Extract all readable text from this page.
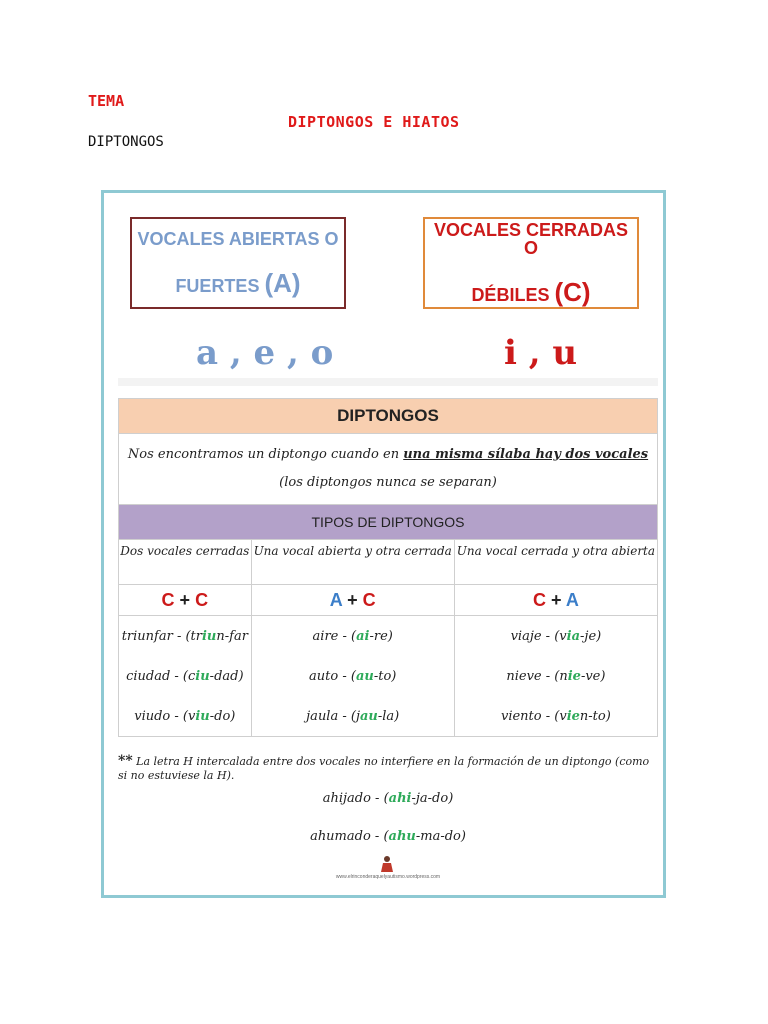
TEMA
DIPTONGOS E HIATOS
DIPTONGOS
VOCALES ABIERTAS O
FUERTES (A)
VOCALES CERRADAS O
DÉBILES (C)
a , e , o	i , u
DIPTONGOS		
Nos encontramos un diptongo cuando en una misma sílaba hay dos vocales
(los diptongos nunca se separan)		
TIPOS DE DIPTONGOS		
Dos vocales cerradas	Una vocal abierta y otra cerrada	Una vocal cerrada y otra abierta
C + C	A + C	C + A
triunfar - (triun-far	aire - (ai-re)	viaje - (via-je)
ciudad - (ciu-dad)	auto - (au-to)	nieve - (nie-ve)
viudo - (viu-do)	jaula - (jau-la)	viento - (vien-to)
** La letra H intercalada entre dos vocales no interfiere en la formación de un diptongo (como si no estuviese la H).
ahijado - (ahi-ja-do)
ahumado - (ahu-ma-do)
www.elrinconderaquelyautismo.wordpress.com
